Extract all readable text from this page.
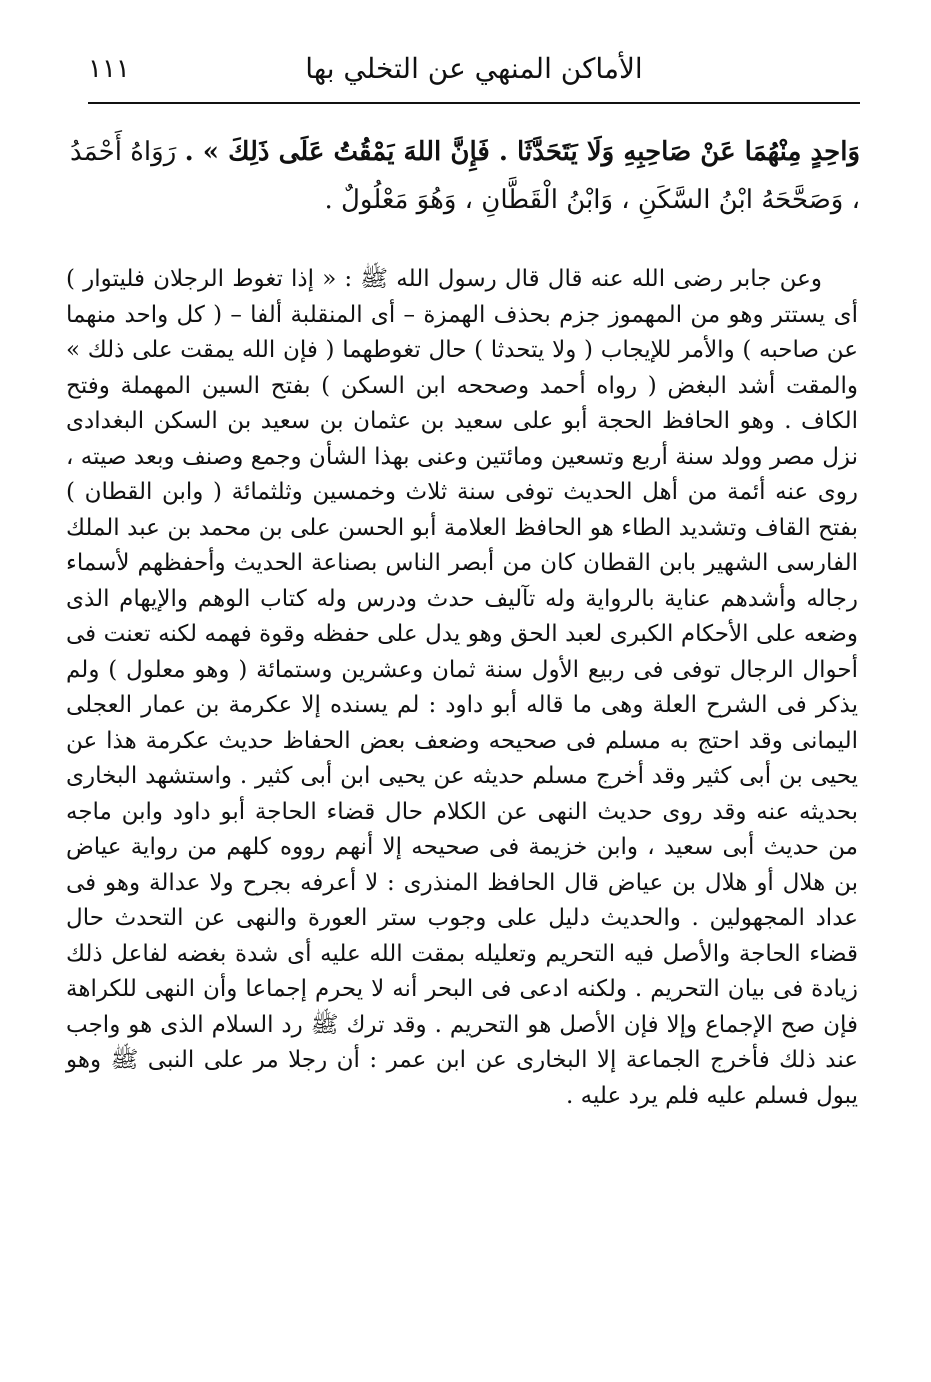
١١١	الأماكن المنهي عن التخلي بها
وَاحِدٍ مِنْهُمَا عَنْ صَاحِبِهِ وَلَا يَتَحَدَّثَا . فَإِنَّ اللهَ يَمْقُتُ عَلَى ذَلِكَ » . رَوَاهُ أَحْمَدُ ، وَصَحَّحَهُ ابْنُ السَّكَنِ ، وَابْنُ الْقَطَّانِ ، وَهُوَ مَعْلُولٌ .

وعن جابر رضى الله عنه قال قال رسول الله ﷺ : « إذا تغوط الرجلان فليتوار ) أى يستتر وهو من المهموز جزم بحذف الهمزة – أى المنقلبة ألفا – ( كل واحد منهما عن صاحبه ) والأمر للإيجاب ( ولا يتحدثا ) حال تغوطهما ( فإن الله يمقت على ذلك » والمقت أشد البغض ( رواه أحمد وصححه ابن السكن ) بفتح السين المهملة وفتح الكاف . وهو الحافظ الحجة أبو على سعيد بن عثمان بن سعيد بن السكن البغدادى نزل مصر وولد سنة أربع وتسعين ومائتين وعنى بهذا الشأن وجمع وصنف وبعد صيته ، روى عنه أئمة من أهل الحديث توفى سنة ثلاث وخمسين وثلثمائة ( وابن القطان ) بفتح القاف وتشديد الطاء هو الحافظ العلامة أبو الحسن على بن محمد بن عبد الملك الفارسى الشهير بابن القطان كان من أبصر الناس بصناعة الحديث وأحفظهم لأسماء رجاله وأشدهم عناية بالرواية وله تآليف حدث ودرس وله كتاب الوهم والإيهام الذى وضعه على الأحكام الكبرى لعبد الحق وهو يدل على حفظه وقوة فهمه لكنه تعنت فى أحوال الرجال توفى فى ربيع الأول سنة ثمان وعشرين وستمائة ( وهو معلول ) ولم يذكر فى الشرح العلة وهى ما قاله أبو داود : لم يسنده إلا عكرمة بن عمار العجلى اليمانى وقد احتج به مسلم فى صحيحه وضعف بعض الحفاظ حديث عكرمة هذا عن يحيى بن أبى كثير وقد أخرج مسلم حديثه عن يحيى ابن أبى كثير . واستشهد البخارى بحديثه عنه وقد روى حديث النهى عن الكلام حال قضاء الحاجة أبو داود وابن ماجه من حديث أبى سعيد ، وابن خزيمة فى صحيحه إلا أنهم رووه كلهم من رواية عياض بن هلال أو هلال بن عياض قال الحافظ المنذرى : لا أعرفه بجرح ولا عدالة وهو فى عداد المجهولين . والحديث دليل على وجوب ستر العورة والنهى عن التحدث حال قضاء الحاجة والأصل فيه التحريم وتعليله بمقت الله عليه أى شدة بغضه لفاعل ذلك زيادة فى بيان التحريم . ولكنه ادعى فى البحر أنه لا يحرم إجماعا وأن النهى للكراهة فإن صح الإجماع وإلا فإن الأصل هو التحريم . وقد ترك ﷺ رد السلام الذى هو واجب عند ذلك فأخرج الجماعة إلا البخارى عن ابن عمر : أن رجلا مر على النبى ﷺ وهو يبول فسلم عليه فلم يرد عليه .
